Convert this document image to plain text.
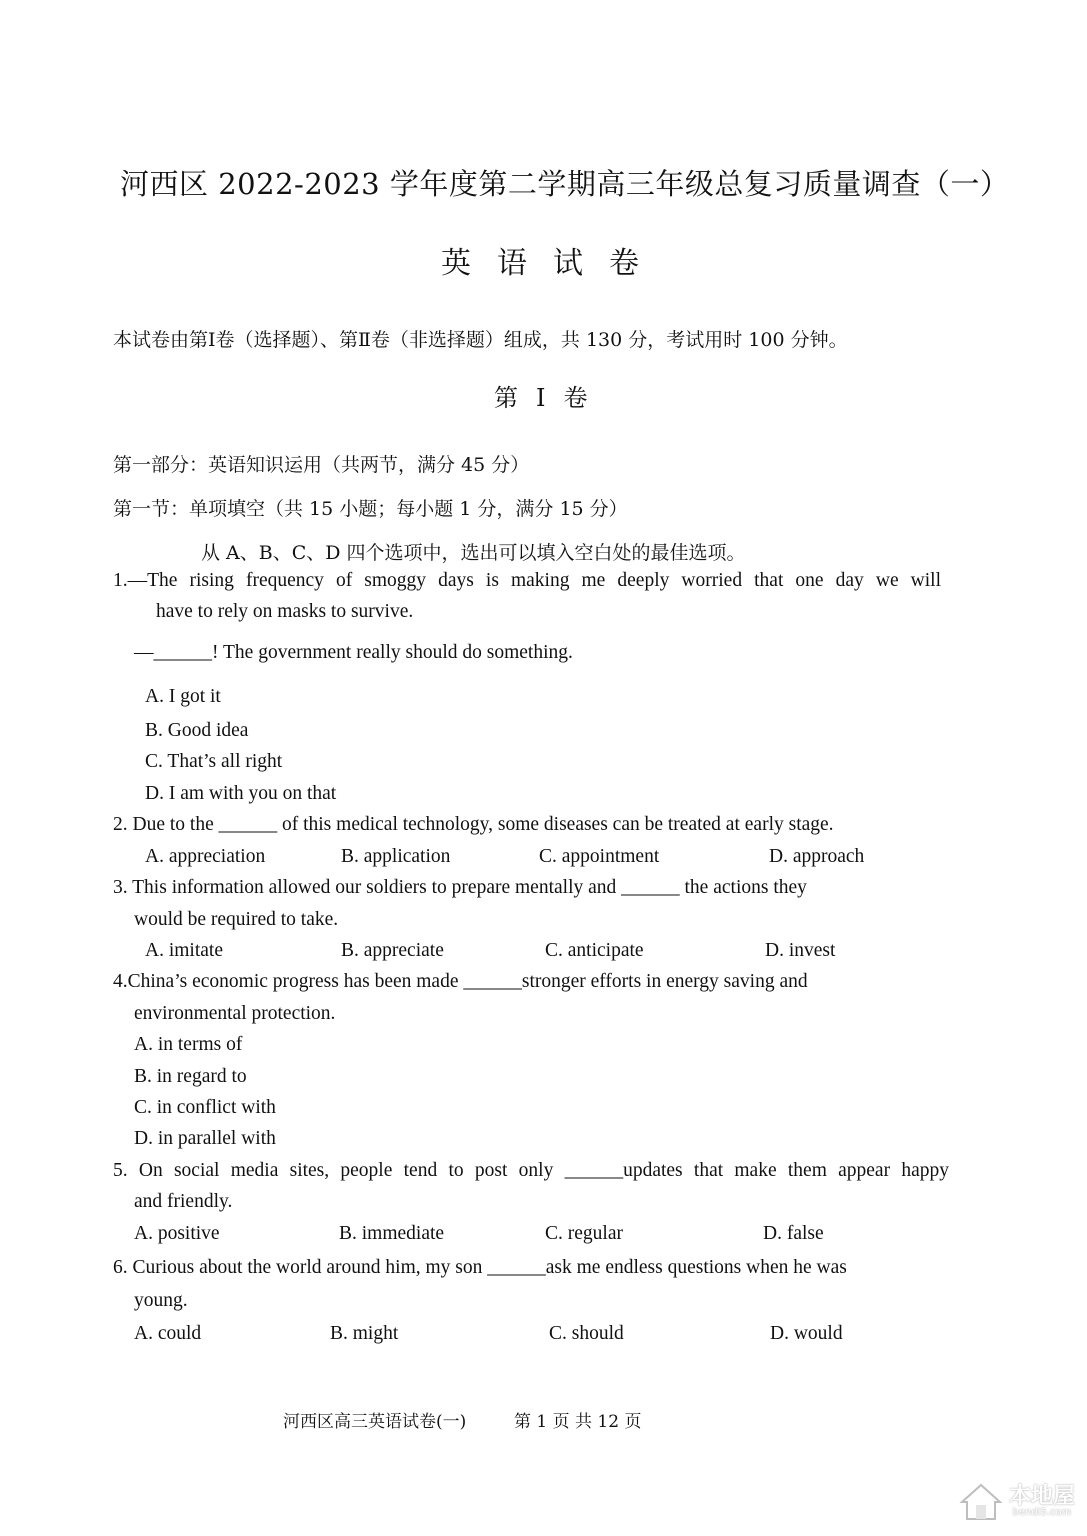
河西区 2022-2023 学年度第二学期高三年级总复习质量调查（一）
英语试卷
本试卷由第Ⅰ卷（选择题）、第Ⅱ卷（非选择题）组成，共 130 分，考试用时 100 分钟。
第Ⅰ卷
第一部分：英语知识运用（共两节，满分 45 分）
第一节：单项填空（共 15 小题；每小题 1 分，满分 15 分）
从 A、B、C、D 四个选项中，选出可以填入空白处的最佳选项。
1.—The rising frequency of smoggy days is making me deeply worried that one day we will
have to rely on masks to survive.
—______! The government really should do something.
A. I got it
B. Good idea
C. That’s all right
D. I am with you on that
2. Due to the ______ of this medical technology, some diseases can be treated at early stage.
A. appreciation	B. application	C. appointment	D. approach
3. This information allowed our soldiers to prepare mentally and ______ the actions they
would be required to take.
A. imitate	B. appreciate	C. anticipate	D. invest
4.China’s economic progress has been made ______stronger efforts in energy saving and
environmental protection.
A. in terms of
B. in regard to
C. in conflict with
D. in parallel with
5. On social media sites, people tend to post only ______updates that make them appear happy
and friendly.
A. positive	B. immediate	C. regular	D. false
6. Curious about the world around him, my son ______ask me endless questions when he was
young.
A. could	B. might	C. should	D. would
河西区高三英语试卷(一)	第 1 页 共 12 页
本地屋
bendi5.com
